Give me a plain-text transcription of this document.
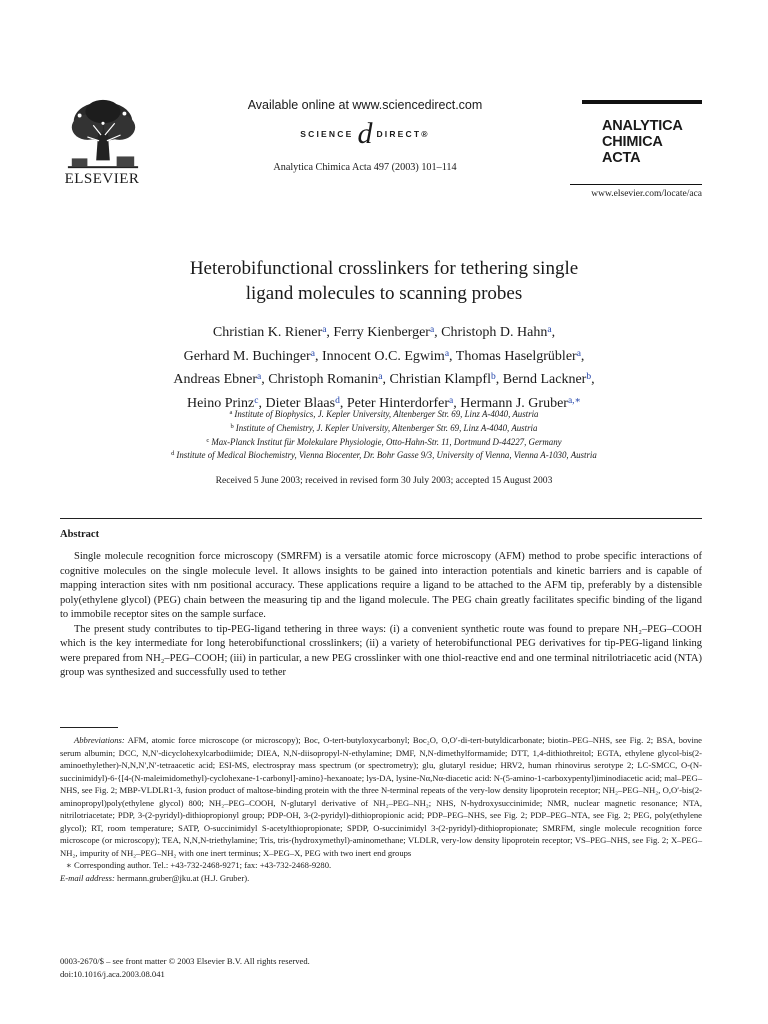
ELSEVIER
Available online at www.sciencedirect.com
SCIENCE d DIRECT®
Analytica Chimica Acta 497 (2003) 101–114
ANALYTICA
CHIMICA
ACTA
www.elsevier.com/locate/aca
Heterobifunctional crosslinkers for tethering single
ligand molecules to scanning probes
Christian K. Riener$^a$, Ferry Kienberger$^a$, Christoph D. Hahn$^a$,
Gerhard M. Buchinger$^a$, Innocent O.C. Egwim$^a$, Thomas Haselgrübler$^a$,
Andreas Ebner$^a$, Christoph Romanin$^a$, Christian Klampfl$^b$, Bernd Lackner$^b$,
Heino Prinz$^c$, Dieter Blaas$^d$, Peter Hinterdorfer$^a$, Hermann J. Gruber$^{a,∗}$
$^a$ Institute of Biophysics, J. Kepler University, Altenberger Str. 69, Linz A-4040, Austria
$^b$ Institute of Chemistry, J. Kepler University, Altenberger Str. 69, Linz A-4040, Austria
$^c$ Max-Planck Institut für Molekulare Physiologie, Otto-Hahn-Str. 11, Dortmund D-44227, Germany
$^d$ Institute of Medical Biochemistry, Vienna Biocenter, Dr. Bohr Gasse 9/3, University of Vienna, Vienna A-1030, Austria
Received 5 June 2003; received in revised form 30 July 2003; accepted 15 August 2003
Abstract

Single molecule recognition force microscopy (SMRFM) is a versatile atomic force microscopy (AFM) method to probe specific interactions of cognitive molecules on the single molecule level. It allows insights to be gained into interaction potentials and kinetic barriers and is capable of mapping interaction sites with nm positional accuracy. These applications require a ligand to be attached to the AFM tip, preferably by a distensible poly(ethylene glycol) (PEG) chain between the measuring tip and the ligand molecule. The PEG chain greatly facilitates specific binding of the ligand to immobile receptor sites on the sample surface.

The present study contributes to tip-PEG-ligand tethering in three ways: (i) a convenient synthetic route was found to prepare NH₂–PEG–COOH which is the key intermediate for long heterobifunctional crosslinkers; (ii) a variety of heterobifunctional PEG derivatives for tip-PEG-ligand linking were prepared from NH₂–PEG–COOH; (iii) in particular, a new PEG crosslinker with one thiol-reactive end and one terminal nitrilotriacetic acid (NTA) group was synthesized and successfully used to tether

Abbreviations: AFM, atomic force microscope (or microscopy); Boc, O-tert-butyloxycarbonyl; Boc₂O, O,O′-di-tert-butyldicarbonate; biotin–PEG–NHS, see Fig. 2; BSA, bovine serum albumin; DCC, N,N′-dicyclohexylcarbodiimide; DIEA, N,N-diisopropyl-N-ethylamine; DMF, N,N-dimethylformamide; DTT, 1,4-dithiothreitol; EGTA, ethylene glycol-bis(2-aminoethylether)-N,N,N′,N′-tetraacetic acid; ESI-MS, electrospray mass spectrum (or spectrometry); glu, glutaryl residue; HRV2, human rhinovirus serotype 2; LC-SMCC, O-(N-succinimidyl)-6-{[4-(N-maleimidomethyl)-cyclohexane-1-carbonyl]-amino}-hexanoate; lys-DA, lysine-Nα,Nα-diacetic acid: N-(5-amino-1-carboxypentyl)iminodiacetic acid; mal–PEG–NHS, see Fig. 2; MBP-VLDLR1-3, fusion product of maltose-binding protein with the three N-terminal repeats of the very-low density lipoprotein receptor; NH₂–PEG–NH₂, O,O′-bis(2-aminopropyl)poly(ethylene glycol) 800; NH₂–PEG–COOH, N-glutaryl derivative of NH₂–PEG–NH₂; NHS, N-hydroxysuccinimide; NMR, nuclear magnetic resonance; NTA, nitrilotriacetate; PDP, 3-(2-pyridyl)-dithiopropionyl group; PDP-OH, 3-(2-pyridyl)-dithiopropionic acid; PDP–PEG–NHS, see Fig. 2; PDP–PEG–NTA, see Fig. 2; PEG, poly(ethylene glycol); RT, room temperature; SATP, O-succinimidyl S-acetylthiopropionate; SPDP, O-succinimidyl 3-(2-pyridyl)-dithiopropionate; SMRFM, single molecule recognition force microscope (or microscopy); TEA, N,N,N-triethylamine; Tris, tris-(hydroxymethyl)-aminomethane; VLDLR, very-low density lipoprotein receptor; VS–PEG–NHS, see Fig. 2; X–PEG–NH₂, impurity of NH₂–PEG–NH₂ with one inert terminus; X–PEG–X, PEG with two inert end groups

∗ Corresponding author. Tel.: +43-732-2468-9271; fax: +43-732-2468-9280.

E-mail address: hermann.gruber@jku.at (H.J. Gruber).

0003-2670/$ – see front matter © 2003 Elsevier B.V. All rights reserved.
doi:10.1016/j.aca.2003.08.041
